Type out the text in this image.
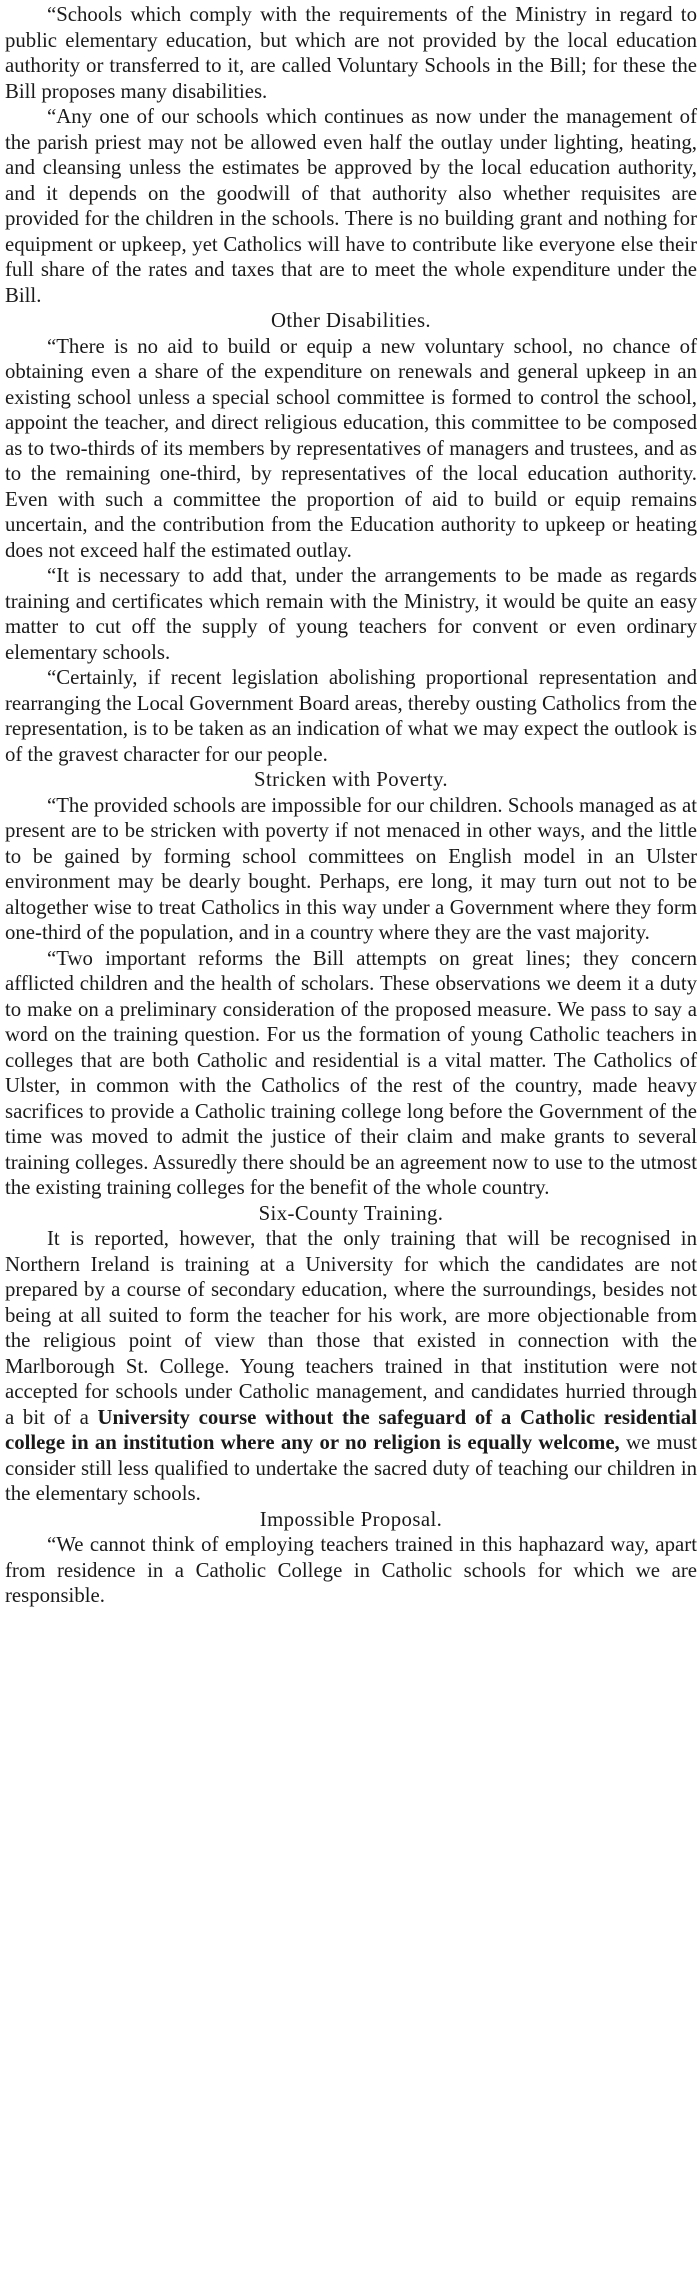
“Schools which comply with the requirements of the Ministry in regard to public elementary education, but which are not provided by the local education authority or transferred to it, are called Voluntary Schools in the Bill; for these the Bill proposes many disabilities.

“Any one of our schools which continues as now under the management of the parish priest may not be allowed even half the outlay under lighting, heating, and cleansing unless the estimates be approved by the local education authority, and it depends on the goodwill of that authority also whether requisites are provided for the children in the schools. There is no building grant and nothing for equipment or upkeep, yet Catholics will have to contribute like everyone else their full share of the rates and taxes that are to meet the whole expenditure under the Bill.

Other Disabilities.

“There is no aid to build or equip a new voluntary school, no chance of obtaining even a share of the expenditure on renewals and general upkeep in an existing school unless a special school committee is formed to control the school, appoint the teacher, and direct religious education, this committee to be composed as to two-thirds of its members by representatives of managers and trustees, and as to the remaining one-third, by representatives of the local education authority. Even with such a committee the proportion of aid to build or equip remains uncertain, and the contribution from the Education authority to upkeep or heating does not exceed half the estimated outlay.

“It is necessary to add that, under the arrangements to be made as regards training and certificates which remain with the Ministry, it would be quite an easy matter to cut off the supply of young teachers for convent or even ordinary elementary schools.

“Certainly, if recent legislation abolishing proportional representation and rearranging the Local Government Board areas, thereby ousting Catholics from the representation, is to be taken as an indication of what we may expect the outlook is of the gravest character for our people.

Stricken with Poverty.

“The provided schools are impossible for our children. Schools managed as at present are to be stricken with poverty if not menaced in other ways, and the little to be gained by forming school committees on English model in an Ulster environment may be dearly bought. Perhaps, ere long, it may turn out not to be altogether wise to treat Catholics in this way under a Government where they form one-third of the population, and in a country where they are the vast majority.

“Two important reforms the Bill attempts on great lines; they concern afflicted children and the health of scholars. These observations we deem it a duty to make on a preliminary consideration of the proposed measure. We pass to say a word on the training question. For us the formation of young Catholic teachers in colleges that are both Catholic and residential is a vital matter. The Catholics of Ulster, in common with the Catholics of the rest of the country, made heavy sacrifices to provide a Catholic training college long before the Government of the time was moved to admit the justice of their claim and make grants to several training colleges. Assuredly there should be an agreement now to use to the utmost the existing training colleges for the benefit of the whole country.

Six-County Training.

It is reported, however, that the only training that will be recognised in Northern Ireland is training at a University for which the candidates are not prepared by a course of secondary education, where the surroundings, besides not being at all suited to form the teacher for his work, are more objectionable from the religious point of view than those that existed in connection with the Marlborough St. College. Young teachers trained in that institution were not accepted for schools under Catholic management, and candidates hurried through a bit of a University course without the safeguard of a Catholic residential college in an institution where any or no religion is equally welcome, we must consider still less qualified to undertake the sacred duty of teaching our children in the elementary schools.

Impossible Proposal.

“We cannot think of employing teachers trained in this haphazard way, apart from residence in a Catholic College in Catholic schools for which we are responsible.
